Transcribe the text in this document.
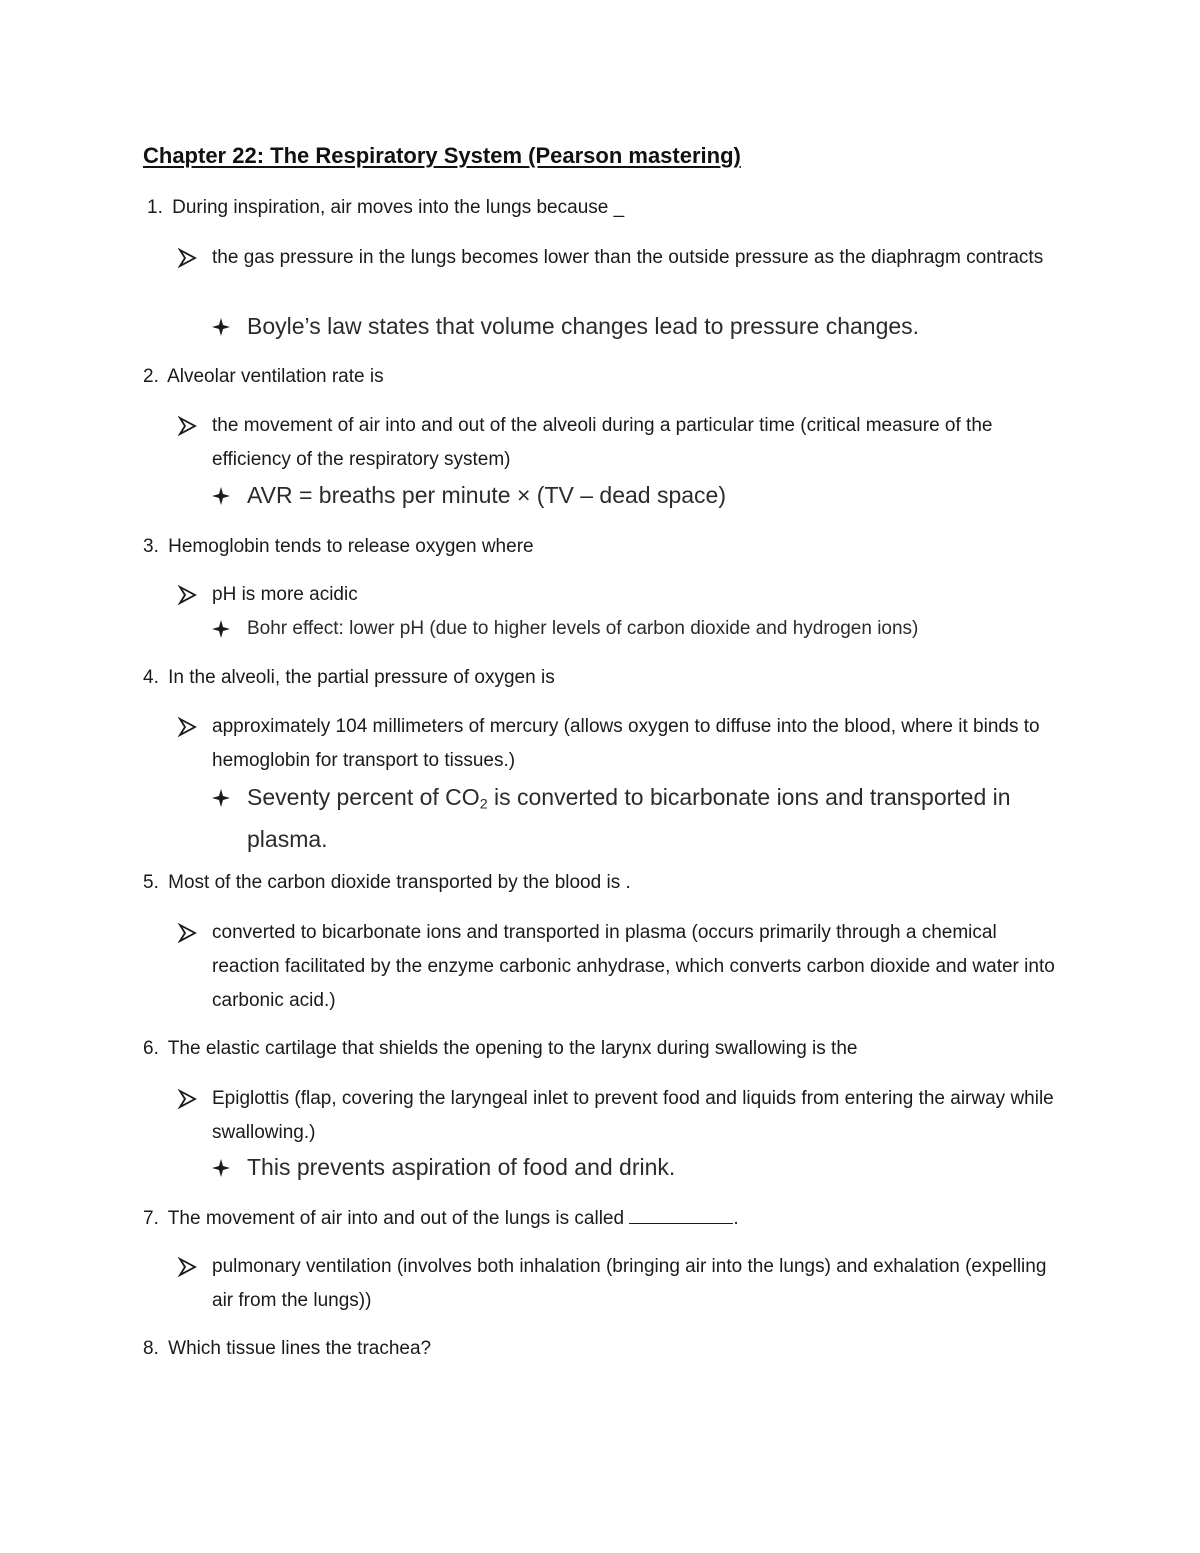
Chapter 22: The Respiratory System (Pearson mastering)
1. During inspiration, air moves into the lungs because _
the gas pressure in the lungs becomes lower than the outside pressure as the diaphragm contracts
Boyle’s law states that volume changes lead to pressure changes.
2. Alveolar ventilation rate is
the movement of air into and out of the alveoli during a particular time (critical measure of the efficiency of the respiratory system)
AVR = breaths per minute × (TV – dead space)
3. Hemoglobin tends to release oxygen where
pH is more acidic
Bohr effect: lower pH (due to higher levels of carbon dioxide and hydrogen ions)
4. In the alveoli, the partial pressure of oxygen is
approximately 104 millimeters of mercury (allows oxygen to diffuse into the blood, where it binds to hemoglobin for transport to tissues.)
Seventy percent of $CO_2$ is converted to bicarbonate ions and transported in plasma.
5. Most of the carbon dioxide transported by the blood is .
converted to bicarbonate ions and transported in plasma (occurs primarily through a chemical reaction facilitated by the enzyme carbonic anhydrase, which converts carbon dioxide and water into carbonic acid.)
6. The elastic cartilage that shields the opening to the larynx during swallowing is the
Epiglottis (flap, covering the laryngeal inlet to prevent food and liquids from entering the airway while swallowing.)
This prevents aspiration of food and drink.
7. The movement of air into and out of the lungs is called	.
pulmonary ventilation (involves both inhalation (bringing air into the lungs) and exhalation (expelling air from the lungs))
8. Which tissue lines the trachea?
